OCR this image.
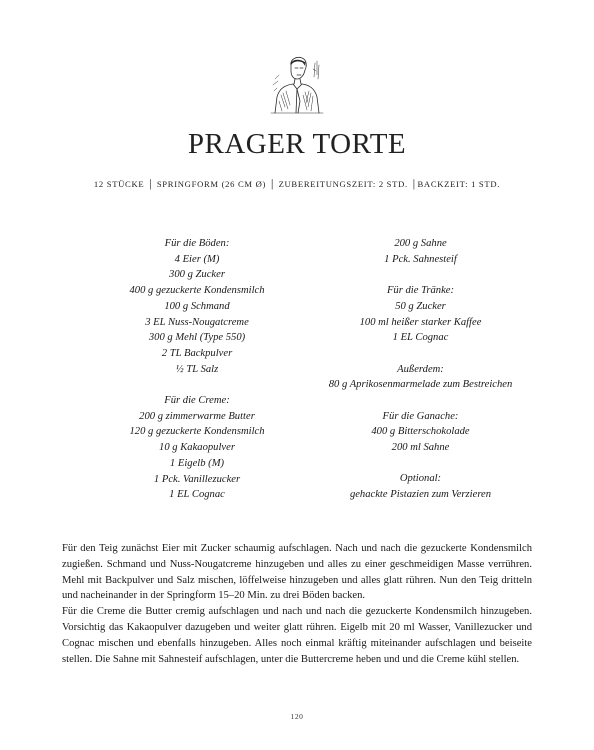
PRAGER TORTE
12 STÜCKE │ SPRINGFORM (26 CM Ø) │ ZUBEREITUNGSZEIT: 2 STD. │BACKZEIT: 1 STD.
Für die Böden:
4 Eier (M)
300 g Zucker
400 g gezuckerte Kondensmilch
100 g Schmand
3 EL Nuss-Nougatcreme
300 g Mehl (Type 550)
2 TL Backpulver
½ TL Salz
Für die Creme:
200 g zimmerwarme Butter
120 g gezuckerte Kondensmilch
10 g Kakaopulver
1 Eigelb (M)
1 Pck. Vanillezucker
1 EL Cognac
200 g Sahne
1 Pck. Sahnesteif
Für die Tränke:
50 g Zucker
100 ml heißer starker Kaffee
1 EL Cognac
Außerdem:
80 g Aprikosenmarmelade zum Bestreichen
Für die Ganache:
400 g Bitterschokolade
200 ml Sahne
Optional:
gehackte Pistazien zum Verzieren

Für den Teig zunächst Eier mit Zucker schaumig aufschlagen. Nach und nach die gezuckerte Kondensmilch zugießen. Schmand und Nuss-Nougatcreme hinzugeben und alles zu einer geschmeidigen Masse verrühren. Mehl mit Backpulver und Salz mischen, löffelweise hinzugeben und alles glatt rühren. Nun den Teig dritteln und nacheinander in der Springform 15–20 Min. zu drei Böden backen.

Für die Creme die Butter cremig aufschlagen und nach und nach die gezuckerte Kondensmilch hinzugeben. Vorsichtig das Kakaopulver dazugeben und weiter glatt rühren. Eigelb mit 20 ml Wasser, Vanillezucker und Cognac mischen und ebenfalls hinzugeben. Alles noch einmal kräftig miteinander aufschlagen und beiseite stellen. Die Sahne mit Sahnesteif aufschlagen, unter die Buttercreme heben und und die Creme kühl stellen.

120
